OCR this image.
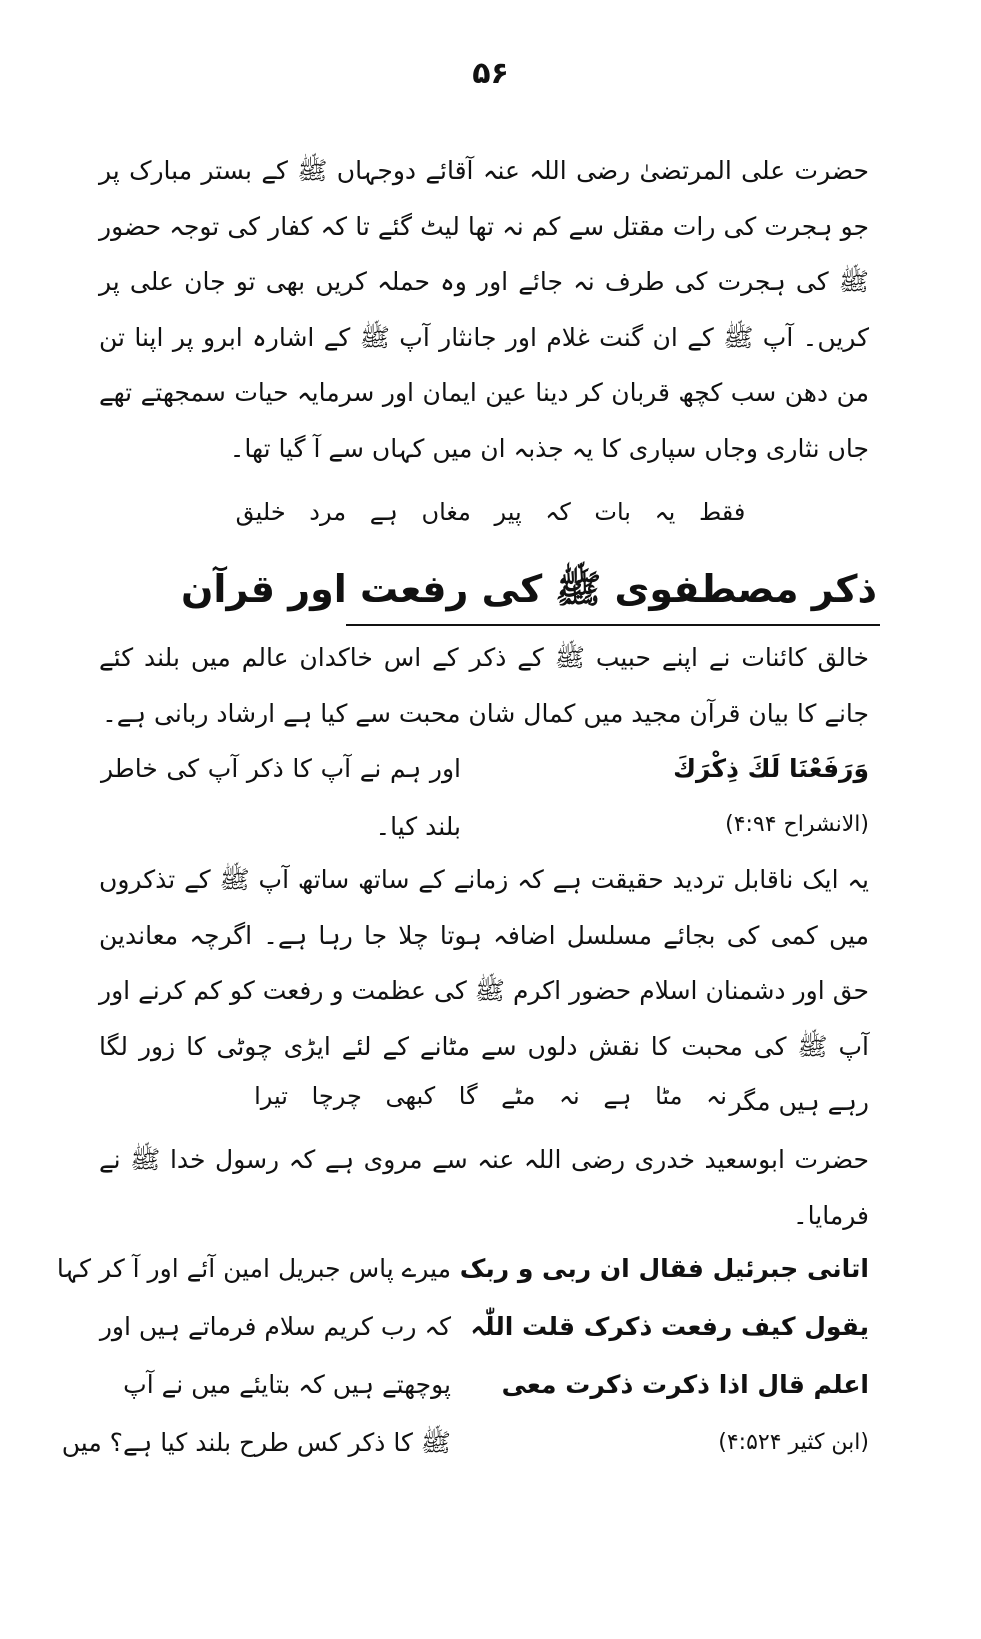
۵۶
حضرت علی المرتضیٰ رضی اللہ عنہ آقائے دوجہاں ﷺ کے بستر مبارک پر جو ہجرت کی رات مقتل سے کم نہ تھا لیٹ گئے تا کہ کفار کی توجہ حضور ﷺ کی ہجرت کی طرف نہ جائے اور وہ حملہ کریں بھی تو جان علی پر کریں۔ آپ ﷺ کے ان گنت غلام اور جانثار آپ ﷺ کے اشارہ ابرو پر اپنا تن من دھن سب کچھ قربان کر دینا عین ایمان اور سرمایہ حیات سمجھتے تھے جاں نثاری وجاں سپاری کا یہ جذبہ ان میں کہاں سے آ گیا تھا۔
فقط یہ بات کہ پیر مغاں ہے مرد خلیق
ذکر مصطفوی ﷺ کی رفعت اور قرآن
خالق کائنات نے اپنے حبیب ﷺ کے ذکر کے اس خاکدان عالم میں بلند کئے جانے کا بیان قرآن مجید میں کمال شان محبت سے کیا ہے ارشاد ربانی ہے۔
وَرَفَعْنَا لَكَ ذِكْرَكَ
اور ہم نے آپ کا ذکر آپ کی خاطر بلند کیا۔	(الانشراح ۴:۹۴)
یہ ایک ناقابل تردید حقیقت ہے کہ زمانے کے ساتھ ساتھ آپ ﷺ کے تذکروں میں کمی کی بجائے مسلسل اضافہ ہوتا چلا جا رہا ہے۔ اگرچہ معاندین حق اور دشمنان اسلام حضور اکرم ﷺ کی عظمت و رفعت کو کم کرنے اور آپ ﷺ کی محبت کا نقش دلوں سے مٹانے کے لئے ایڑی چوٹی کا زور لگا رہے ہیں مگر
نہ مٹا ہے نہ مٹے گا کبھی چرچا تیرا
حضرت ابوسعید خدری رضی اللہ عنہ سے مروی ہے کہ رسول خدا ﷺ نے فرمایا۔
اتانی جبرئیل فقال ان ربی و ربک
یقول کیف رفعت ذکرک قلت اللّٰہ
اعلم قال اذا ذکرت ذکرت معی
(ابن کثیر ۴:۵۲۴)
میرے پاس جبریل امین آئے اور آ کر کہا
کہ رب کریم سلام فرماتے ہیں اور
پوچھتے ہیں کہ بتایئے میں نے آپ
ﷺ کا ذکر کس طرح بلند کیا ہے؟ میں
